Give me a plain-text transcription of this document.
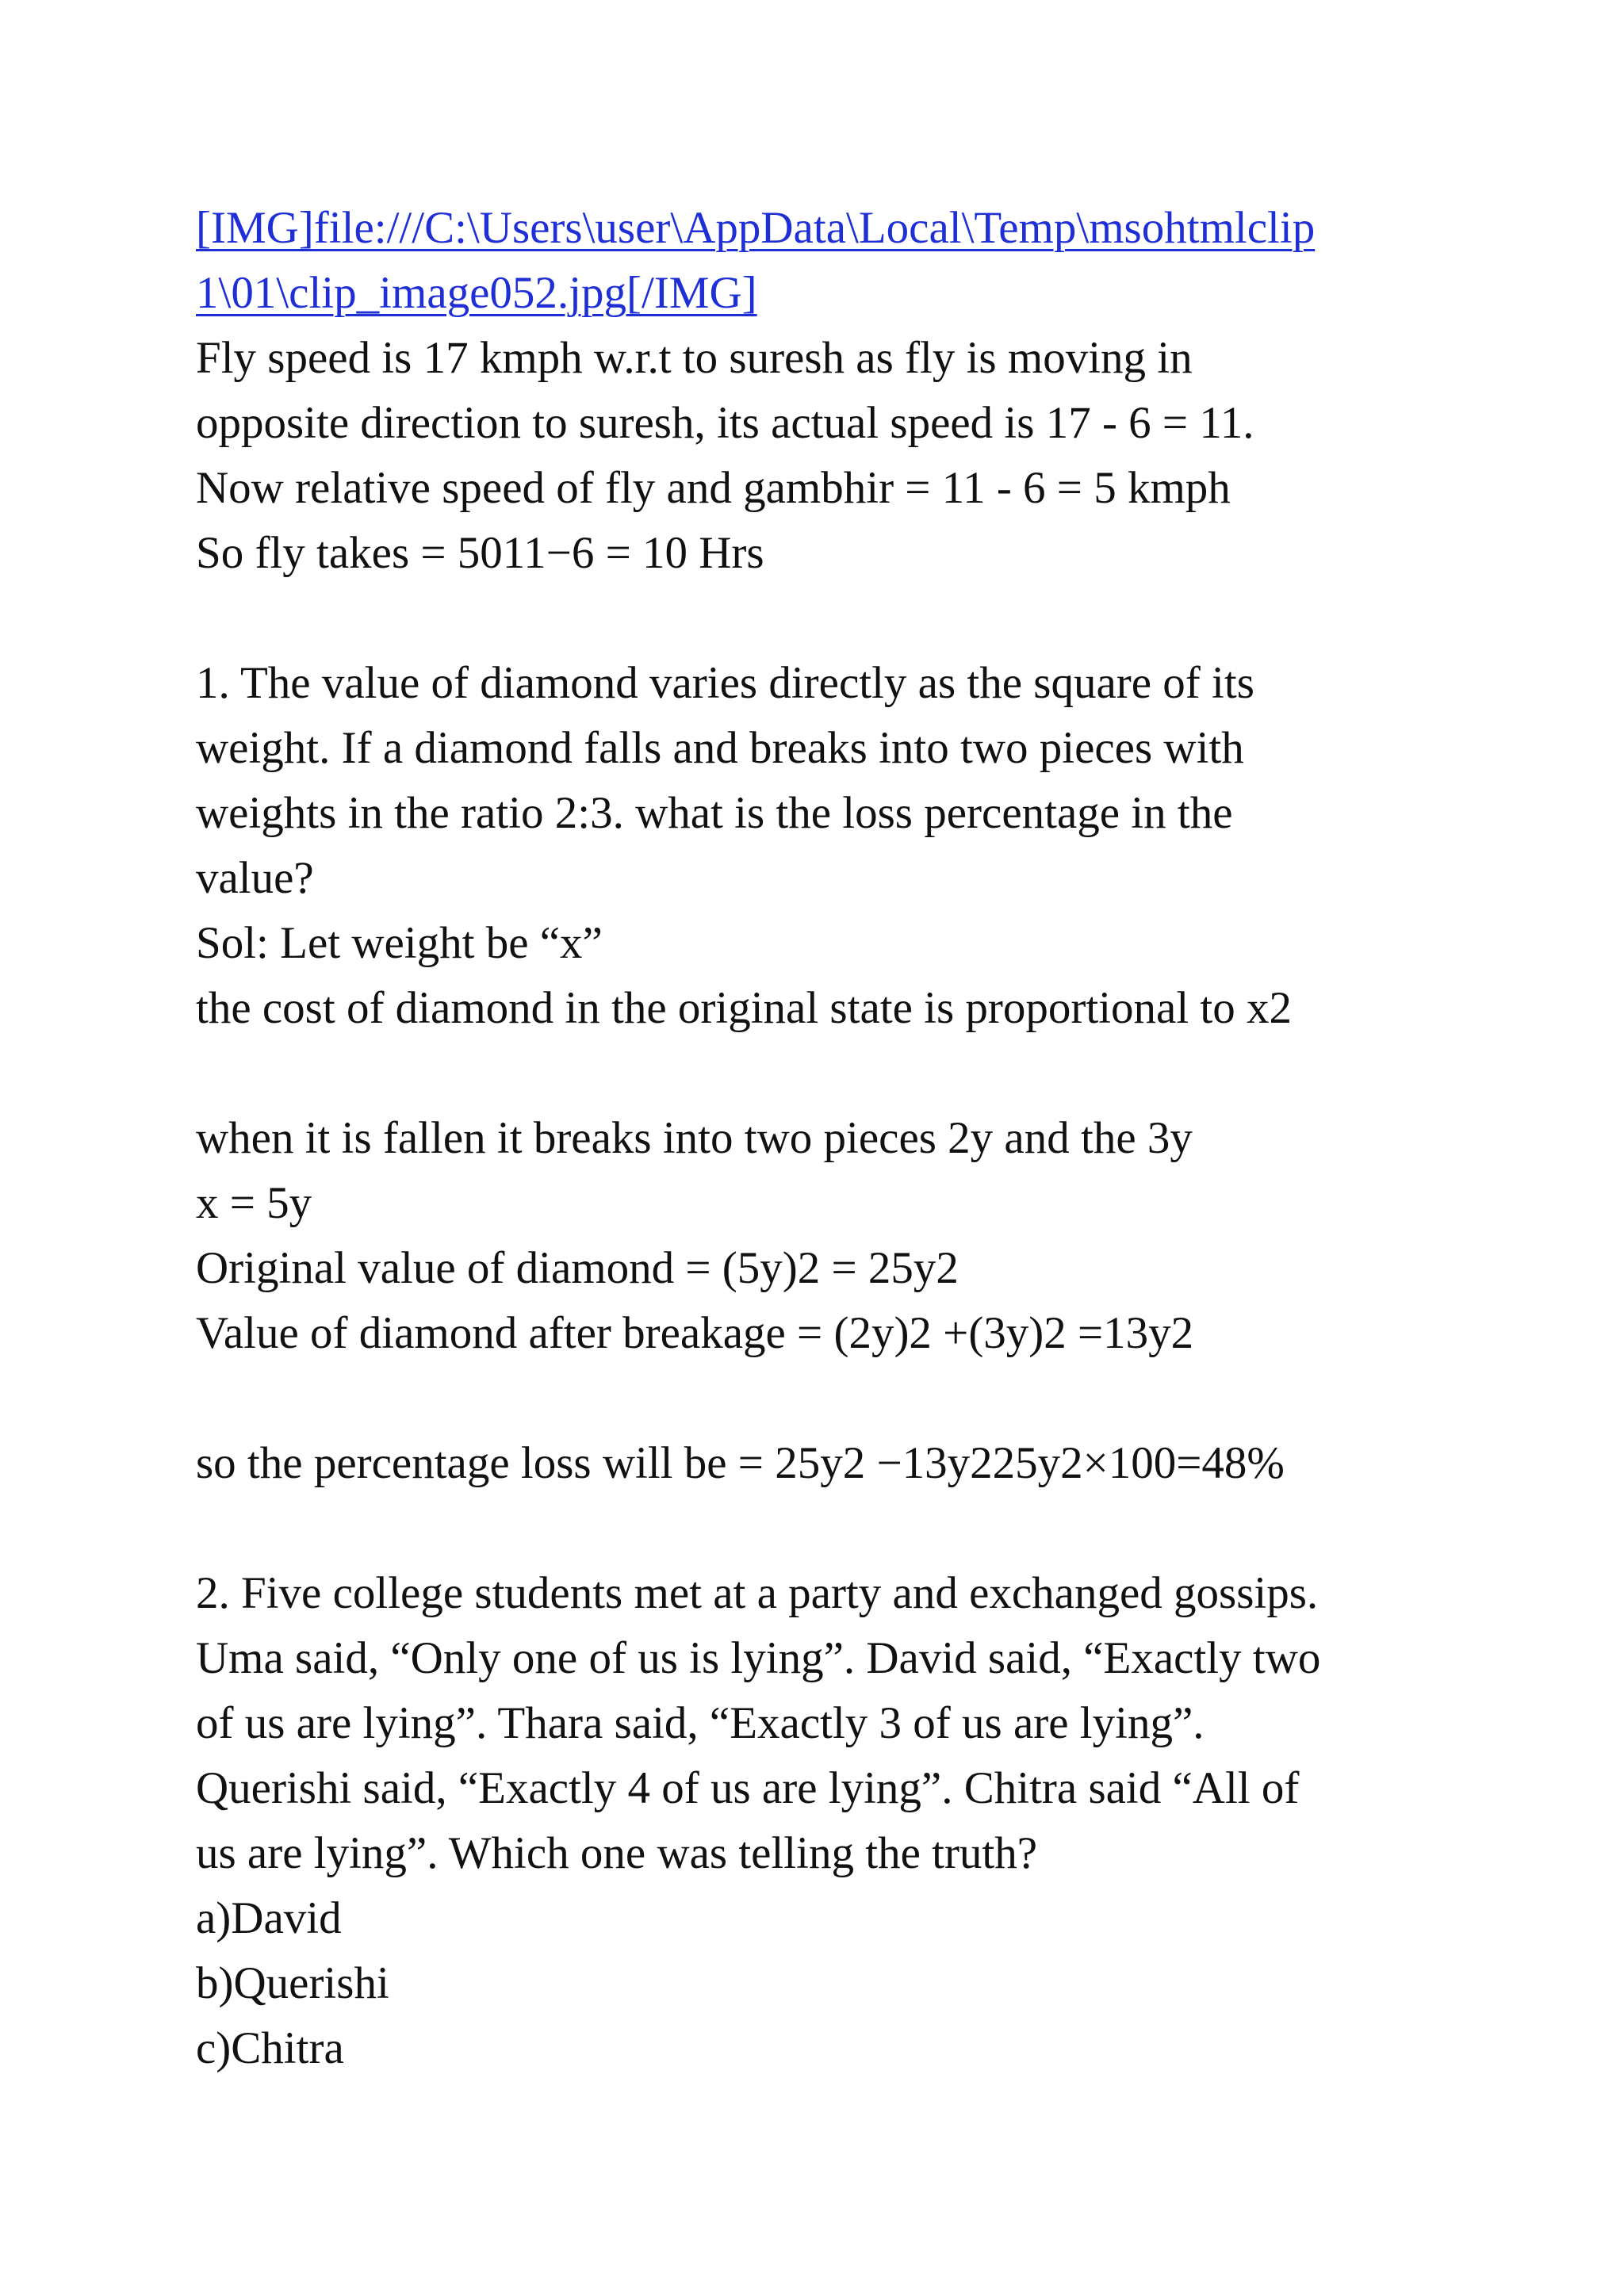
[IMG]file:///C:\Users\user\AppData\Local\Temp\msohtmlclip
1\01\clip_image052.jpg[/IMG]
Fly speed is 17 kmph w.r.t to suresh as fly is moving in
opposite direction to suresh, its actual speed is 17 - 6 = 11.
Now relative speed of fly and gambhir = 11 - 6 = 5 kmph
So fly takes = 5011−6 = 10 Hrs
1. The value of diamond varies directly as the square of its
weight. If a diamond falls and breaks into two pieces with
weights in the ratio 2:3. what is the loss percentage in the
value?
Sol: Let weight be “x”
the cost of diamond in the original state is proportional to x2
when it is fallen it breaks into two pieces 2y and the 3y
x = 5y
Original value of diamond = (5y)2 = 25y2
Value of diamond after breakage = (2y)2 +(3y)2 =13y2
so the percentage loss will be = 25y2 −13y225y2×100=48%
2. Five college students met at a party and exchanged gossips.
Uma said, “Only one of us is lying”. David said, “Exactly two
of us are lying”. Thara said, “Exactly 3 of us are lying”.
Querishi said, “Exactly 4 of us are lying”. Chitra said “All of
us are lying”. Which one was telling the truth?
a)David
b)Querishi
c)Chitra
